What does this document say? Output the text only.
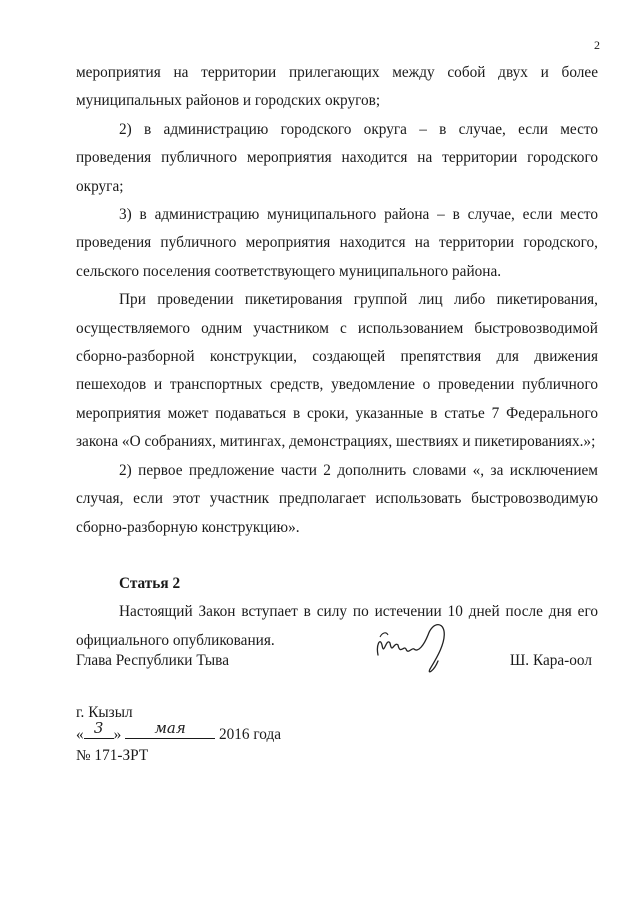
2

мероприятия на территории прилегающих между собой двух и более муниципальных районов и городских округов;

2) в администрацию городского округа – в случае, если место проведения публичного мероприятия находится на территории городского округа;

3) в администрацию муниципального района – в случае, если место проведения публичного мероприятия находится на территории городского, сельского поселения соответствующего муниципального района.

При проведении пикетирования группой лиц либо пикетирования, осуществляемого одним участником с использованием быстровозводимой сборно-разборной конструкции, создающей препятствия для движения пешеходов и транспортных средств, уведомление о проведении публичного мероприятия может подаваться в сроки, указанные в статье 7 Федерального закона «О собраниях, митингах, демонстрациях, шествиях и пикетированиях.»;

2) первое предложение части 2 дополнить словами «, за исключением случая, если этот участник предполагает использовать быстровозводимую сборно-разборную конструкцию».

Статья 2

Настоящий Закон вступает в силу по истечении 10 дней после дня его официального опубликования.

Глава Республики Тыва	Ш. Кара-оол
г. Кызыл
« 3 »	мая	2016 года
№ 171-ЗРТ
